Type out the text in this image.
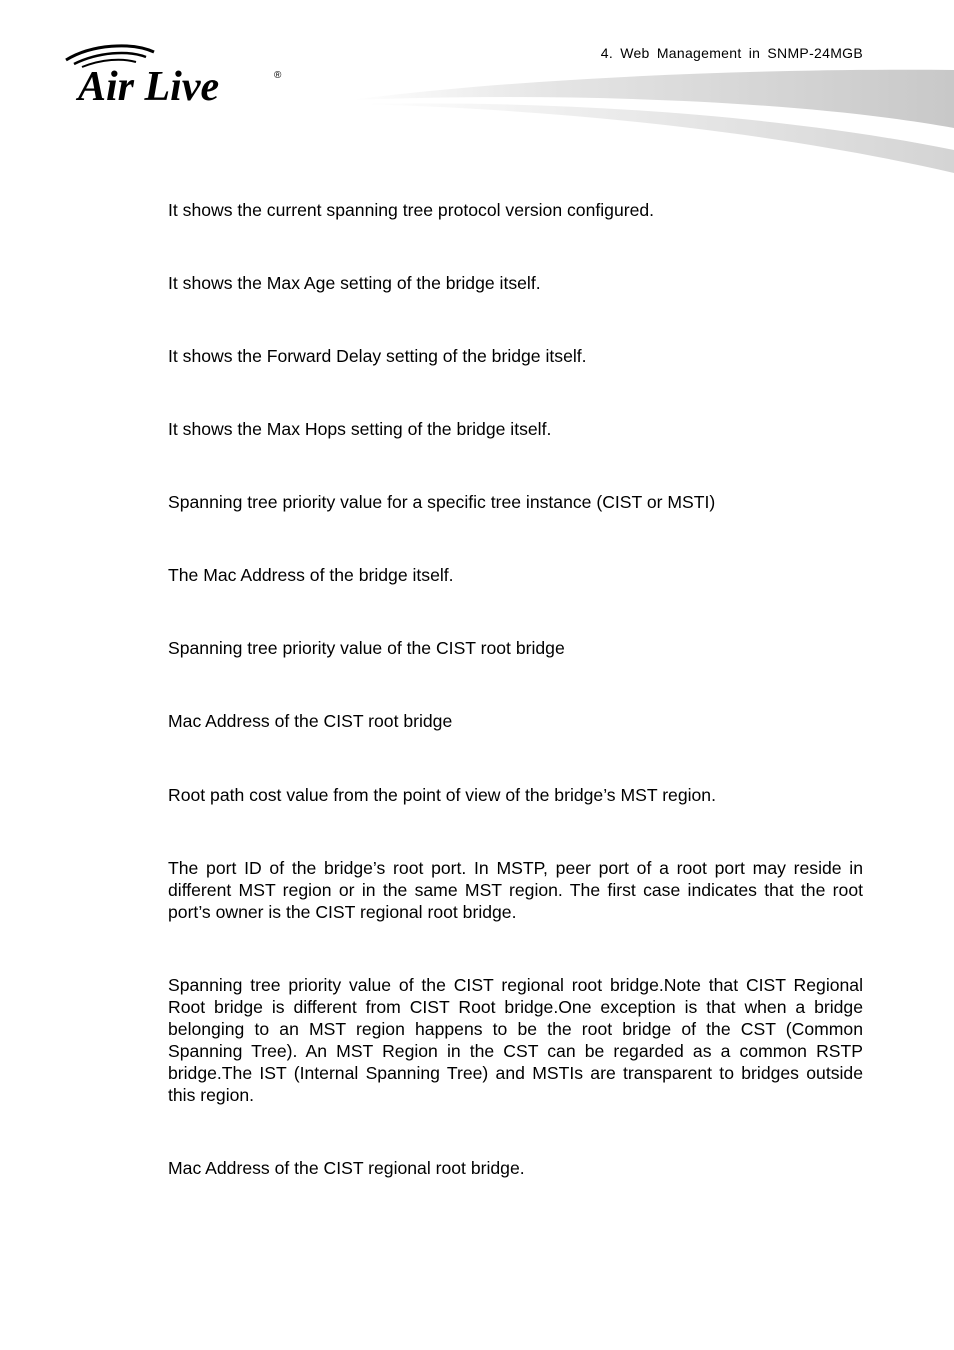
Air Live	®
4. Web Management in SNMP-24MGB
It shows the current spanning tree protocol version configured.
It shows the Max Age setting of the bridge itself.
It shows the Forward Delay setting of the bridge itself.
It shows the Max Hops setting of the bridge itself.
Spanning tree priority value for a specific tree instance (CIST or MSTI)
The Mac Address of the bridge itself.
Spanning tree priority value of the CIST root bridge
Mac Address of the CIST root bridge
Root path cost value from the point of view of the bridge’s MST region.
The port ID of the bridge’s root port. In MSTP, peer port of a root port may reside in different MST region or in the same MST region. The first case indicates that the root port’s owner is the CIST regional root bridge.
Spanning tree priority value of the CIST regional root bridge.Note that CIST Regional Root bridge is different from CIST Root bridge.One exception is that when a bridge belonging to an MST region happens to be the root bridge of the CST (Common Spanning Tree). An MST Region in the CST can be regarded as a common RSTP bridge.The IST (Internal Spanning Tree) and MSTIs are transparent to bridges outside this region.
Mac Address of the CIST regional root bridge.
